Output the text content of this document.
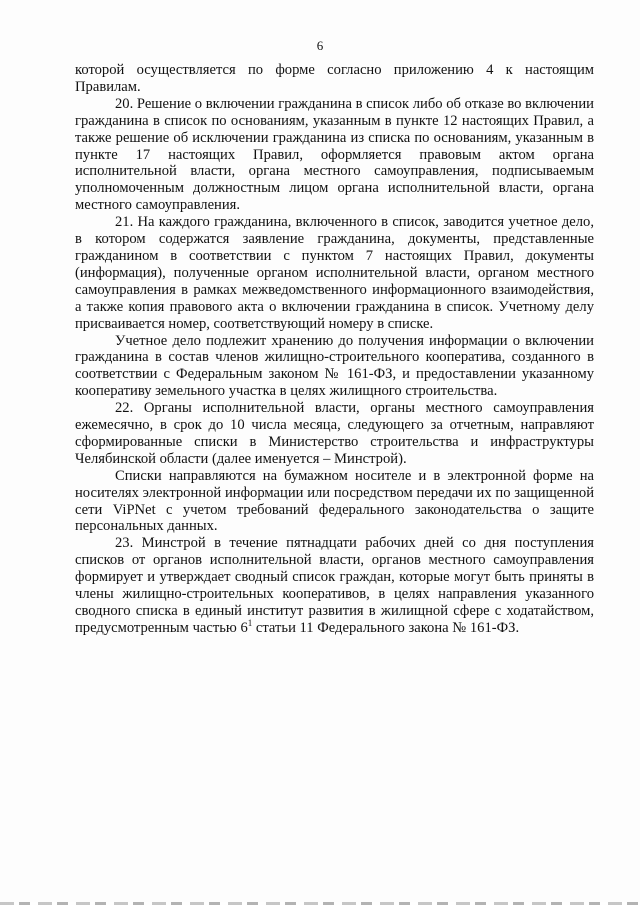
6

которой осуществляется по форме согласно приложению 4 к настоящим Правилам.

20. Решение о включении гражданина в список либо об отказе во включении гражданина в список по основаниям, указанным в пункте 12 настоящих Правил, а также решение об исключении гражданина из списка по основаниям, указанным в пункте 17 настоящих Правил, оформляется правовым актом органа исполнительной власти, органа местного самоуправления, подписываемым уполномоченным должностным лицом органа исполнительной власти, органа местного самоуправления.

21. На каждого гражданина, включенного в список, заводится учетное дело, в котором содержатся заявление гражданина, документы, представленные гражданином в соответствии с пунктом 7 настоящих Правил, документы (информация), полученные органом исполнительной власти, органом местного самоуправления в рамках межведомственного информационного взаимодействия, а также копия правового акта о включении гражданина в список. Учетному делу присваивается номер, соответствующий номеру в списке.

Учетное дело подлежит хранению до получения информации о включении гражданина в состав членов жилищно-строительного кооператива, созданного в соответствии с Федеральным законом № 161-ФЗ, и предоставлении указанному кооперативу земельного участка в целях жилищного строительства.

22. Органы исполнительной власти, органы местного самоуправления ежемесячно, в срок до 10 числа месяца, следующего за отчетным, направляют сформированные списки в Министерство строительства и инфраструктуры Челябинской области (далее именуется – Минстрой).

Списки направляются на бумажном носителе и в электронной форме на носителях электронной информации или посредством передачи их по защищенной сети ViPNet с учетом требований федерального законодательства о защите персональных данных.

23. Минстрой в течение пятнадцати рабочих дней со дня поступления списков от органов исполнительной власти, органов местного самоуправления формирует и утверждает сводный список граждан, которые могут быть приняты в члены жилищно-строительных кооперативов, в целях направления указанного сводного списка в единый институт развития в жилищной сфере с ходатайством, предусмотренным частью $6^1$ статьи 11 Федерального закона № 161-ФЗ.
